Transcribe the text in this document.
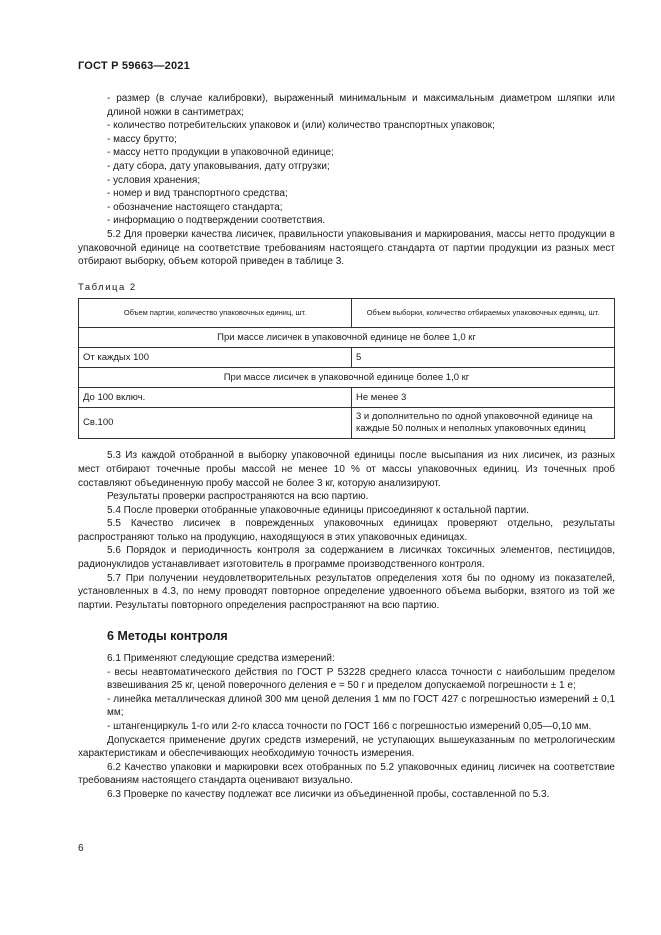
ГОСТ Р 59663—2021

- размер (в случае калибровки), выраженный минимальным и максимальным диаметром шляпки или длиной ножки в сантиметрах;

- количество потребительских упаковок и (или) количество транспортных упаковок;

- массу брутто;

- массу нетто продукции в упаковочной единице;

- дату сбора, дату упаковывания, дату отгрузки;

- условия хранения;

- номер и вид транспортного средства;

- обозначение настоящего стандарта;

- информацию о подтверждении соответствия.

5.2 Для проверки качества лисичек, правильности упаковывания и маркирования, массы нетто продукции в упаковочной единице на соответствие требованиям настоящего стандарта от партии продукции из разных мест отбирают выборку, объем которой приведен в таблице 3.

Таблица 2
Объем партии, количество упаковочных единиц, шт.	Объем выборки, количество отбираемых упаковочных единиц, шт.
При массе лисичек в упаковочной единице не более 1,0 кг	
От каждых 100	5
При массе лисичек в упаковочной единице более 1,0 кг	
До 100 включ.	Не менее 3
Св.100	3 и дополнительно по одной упаковочной единице на каждые 50 полных и неполных упаковочных единиц

5.3 Из каждой отобранной в выборку упаковочной единицы после высыпания из них лисичек, из разных мест отбирают точечные пробы массой не менее 10 % от массы упаковочных единиц. Из точечных проб составляют объединенную пробу массой не более 3 кг, которую анализируют.

Результаты проверки распространяются на всю партию.

5.4 После проверки отобранные упаковочные единицы присоединяют к остальной партии.

5.5 Качество лисичек в поврежденных упаковочных единицах проверяют отдельно, результаты распространяют только на продукцию, находящуюся в этих упаковочных единицах.

5.6 Порядок и периодичность контроля за содержанием в лисичках токсичных элементов, пестицидов, радионуклидов устанавливает изготовитель в программе производственного контроля.

5.7 При получении неудовлетворительных результатов определения хотя бы по одному из показателей, установленных в 4.3, по нему проводят повторное определение удвоенного объема выборки, взятого из той же партии. Результаты повторного определения распространяют на всю партию.

6 Методы контроля

6.1 Применяют следующие средства измерений:

- весы неавтоматического действия по ГОСТ Р 53228 среднего класса точности с наибольшим пределом взвешивания 25 кг, ценой поверочного деления e = 50 г и пределом допускаемой погрешности ± 1 e;

- линейка металлическая длиной 300 мм ценой деления 1 мм по ГОСТ 427 с погрешностью измерений ± 0,1 мм;

- штангенциркуль 1-го или 2-го класса точности по ГОСТ 166 с погрешностью измерений 0,05—0,10 мм.

Допускается применение других средств измерений, не уступающих вышеуказанным по метрологическим характеристикам и обеспечивающих необходимую точность измерения.

6.2 Качество упаковки и маркировки всех отобранных по 5.2 упаковочных единиц лисичек на соответствие требованиям настоящего стандарта оценивают визуально.

6.3 Проверке по качеству подлежат все лисички из объединенной пробы, составленной по 5.3.

6
